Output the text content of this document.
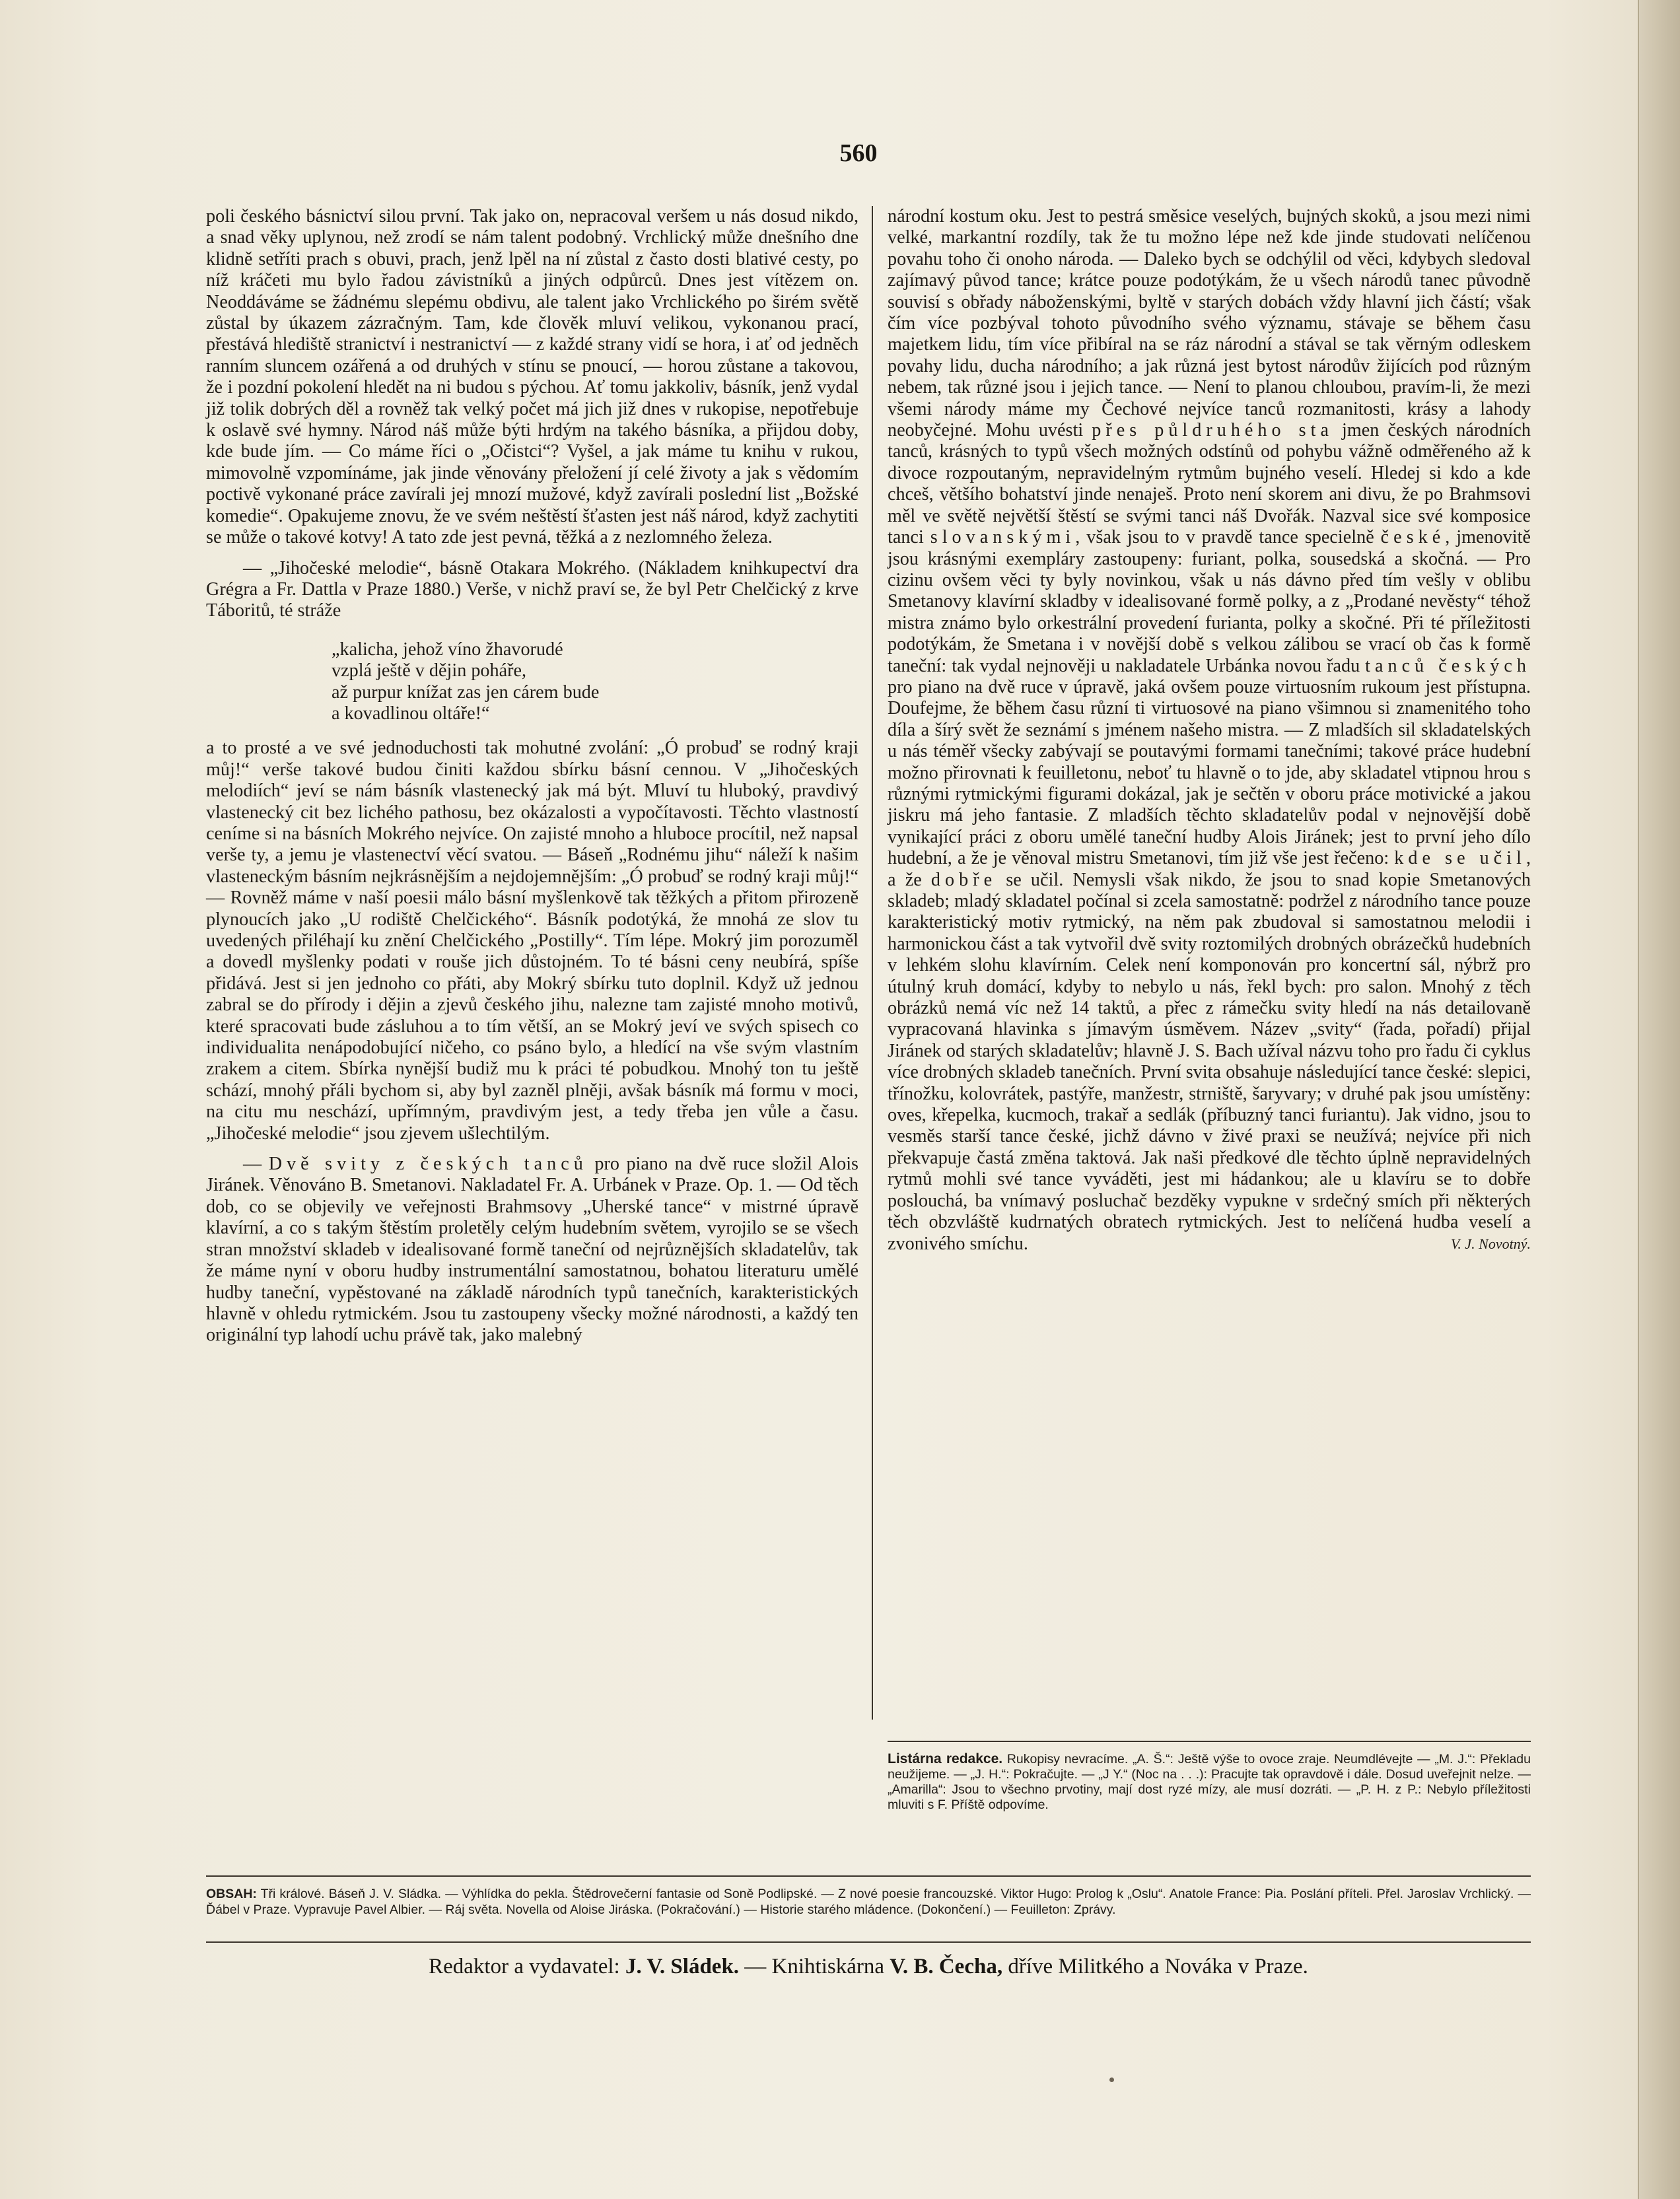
560

poli českého básnictví silou první. Tak jako on, nepracoval veršem u nás dosud nikdo, a snad věky uplynou, než zrodí se nám talent podobný. Vrchlický může dnešního dne klidně setříti prach s obuvi, prach, jenž lpěl na ní zůstal z často dosti blativé cesty, po níž kráčeti mu bylo řadou závistníků a jiných odpůrců. Dnes jest vítězem on. Neoddáváme se žádnému slepému obdivu, ale talent jako Vrchlického po širém světě zůstal by úkazem zázračným. Tam, kde člověk mluví velikou, vykonanou prací, přestává hlediště stranictví i nestranictví — z každé strany vidí se hora, i ať od jedněch ranním sluncem ozářená a od druhých v stínu se pnoucí, — horou zůstane a takovou, že i pozdní pokolení hledět na ni budou s pýchou. Ať tomu jakkoliv, básník, jenž vydal již tolik dobrých děl a rovněž tak velký počet má jich již dnes v rukopise, nepotřebuje k oslavě své hymny. Národ náš může býti hrdým na takého básníka, a přijdou doby, kde bude jím. — Co máme říci o „Očistci“? Vyšel, a jak máme tu knihu v rukou, mimovolně vzpomínáme, jak jinde věnovány přeložení jí celé životy a jak s vědomím poctivě vykonané práce zavírali jej mnozí mužové, když zavírali poslední list „Božské komedie“. Opakujeme znovu, že ve svém neštěstí šťasten jest náš národ, když zachytiti se může o takové kotvy! A tato zde jest pevná, těžká a z nezlomného železa.

— „Jihočeské melodie“, básně Otakara Mokrého. (Nákladem knihkupectví dra Grégra a Fr. Dattla v Praze 1880.) Verše, v nichž praví se, že byl Petr Chelčický z krve Táboritů, té stráže

„kalicha, jehož víno žhavorudé
vzplá ještě v dějin poháře,
až purpur knížat zas jen cárem bude
a kovadlinou oltáře!“

a to prosté a ve své jednoduchosti tak mohutné zvolání: „Ó probuď se rodný kraji můj!“ verše takové budou činiti každou sbírku básní cennou. V „Jihočeských melodiích“ jeví se nám básník vlastenecký jak má být. Mluví tu hluboký, pravdivý vlastenecký cit bez lichého pathosu, bez okázalosti a vypočítavosti. Těchto vlastností ceníme si na básních Mokrého nejvíce. On zajisté mnoho a hluboce procítil, než napsal verše ty, a jemu je vlastenectví věcí svatou. — Báseň „Rodnému jihu“ náleží k našim vlasteneckým básním nejkrásnějším a nejdojemnějším: „Ó probuď se rodný kraji můj!“ — Rovněž máme v naší poesii málo básní myšlenkově tak těžkých a přitom přirozeně plynoucích jako „U rodiště Chelčického“. Básník podotýká, že mnohá ze slov tu uvedených přiléhají ku znění Chelčického „Postilly“. Tím lépe. Mokrý jim porozuměl a dovedl myšlenky podati v rouše jich důstojném. To té básni ceny neubírá, spíše přidává. Jest si jen jednoho co přáti, aby Mokrý sbírku tuto doplnil. Když už jednou zabral se do přírody i dějin a zjevů českého jihu, nalezne tam zajisté mnoho motivů, které spracovati bude zásluhou a to tím větší, an se Mokrý jeví ve svých spisech co individualita nenápodobující ničeho, co psáno bylo, a hledící na vše svým vlastním zrakem a citem. Sbírka nynější budiž mu k práci té pobudkou. Mnohý ton tu ještě schází, mnohý přáli bychom si, aby byl zazněl plněji, avšak básník má formu v moci, na citu mu neschází, upřímným, pravdivým jest, a tedy třeba jen vůle a času. „Jihočeské melodie“ jsou zjevem ušlechtilým.

— Dvě svity z českých tanců pro piano na dvě ruce složil Alois Jiránek. Věnováno B. Smetanovi. Nakladatel Fr. A. Urbánek v Praze. Op. 1. — Od těch dob, co se objevily ve veřejnosti Brahmsovy „Uherské tance“ v mistrné úpravě klavírní, a co s takým štěstím proletěly celým hudebním světem, vyrojilo se se všech stran množství skladeb v idealisované formě taneční od nejrůznějších skladatelův, tak že máme nyní v oboru hudby instrumentální samostatnou, bohatou literaturu umělé hudby taneční, vypěstované na základě národních typů tanečních, karakteristických hlavně v ohledu rytmickém. Jsou tu zastoupeny všecky možné národnosti, a každý ten originální typ lahodí uchu právě tak, jako malebný

národní kostum oku. Jest to pestrá směsice veselých, bujných skoků, a jsou mezi nimi velké, markantní rozdíly, tak že tu možno lépe než kde jinde studovati nelíčenou povahu toho či onoho národa. — Daleko bych se odchýlil od věci, kdybych sledoval zajímavý původ tance; krátce pouze podotýkám, že u všech národů tanec původně souvisí s obřady náboženskými, byltě v starých dobách vždy hlavní jich částí; však čím více pozbýval tohoto původního svého významu, stávaje se během času majetkem lidu, tím více přibíral na se ráz národní a stával se tak věrným odleskem povahy lidu, ducha národního; a jak různá jest bytost národův žijících pod různým nebem, tak různé jsou i jejich tance. — Není to planou chloubou, pravím-li, že mezi všemi národy máme my Čechové nejvíce tanců rozmanitosti, krásy a lahody neobyčejné. Mohu uvésti přes půldruhého sta jmen českých národních tanců, krásných to typů všech možných odstínů od pohybu vážně odměřeného až k divoce rozpoutaným, nepravidelným rytmům bujného veselí. Hledej si kdo a kde chceš, většího bohatství jinde nenaješ. Proto není skorem ani divu, že po Brahmsovi měl ve světě největší štěstí se svými tanci náš Dvořák. Nazval sice své komposice tanci slovanskými, však jsou to v pravdě tance specielně české, jmenovitě jsou krásnými exempláry zastoupeny: furiant, polka, sousedská a skočná. — Pro cizinu ovšem věci ty byly novinkou, však u nás dávno před tím vešly v oblibu Smetanovy klavírní skladby v idealisované formě polky, a z „Prodané nevěsty“ téhož mistra známo bylo orkestrální provedení furianta, polky a skočné. Při té příležitosti podotýkám, že Smetana i v novější době s velkou zálibou se vrací ob čas k formě taneční: tak vydal nejnověji u nakladatele Urbánka novou řadu tanců českých pro piano na dvě ruce v úpravě, jaká ovšem pouze virtuosním rukoum jest přístupna. Doufejme, že během času různí ti virtuosové na piano všimnou si znamenitého toho díla a šírý svět že seznámí s jménem našeho mistra. — Z mladších sil skladatelských u nás téměř všecky zabývají se poutavými formami tanečními; takové práce hudební možno přirovnati k feuilletonu, neboť tu hlavně o to jde, aby skladatel vtipnou hrou s různými rytmickými figurami dokázal, jak je sečtěn v oboru práce motivické a jakou jiskru má jeho fantasie. Z mladších těchto skladatelův podal v nejnovější době vynikající práci z oboru umělé taneční hudby Alois Jiránek; jest to první jeho dílo hudební, a že je věnoval mistru Smetanovi, tím již vše jest řečeno: kde se učil, a že dobře se učil. Nemysli však nikdo, že jsou to snad kopie Smetanových skladeb; mladý skladatel počínal si zcela samostatně: podržel z národního tance pouze karakteristický motiv rytmický, na něm pak zbudoval si samostatnou melodii i harmonickou část a tak vytvořil dvě svity roztomilých drobných obrázečků hudebních v lehkém slohu klavírním. Celek není komponován pro koncertní sál, nýbrž pro útulný kruh domácí, kdyby to nebylo u nás, řekl bych: pro salon. Mnohý z těch obrázků nemá víc než 14 taktů, a přec z rámečku svity hledí na nás detailovaně vypracovaná hlavinka s jímavým úsměvem. Název „svity“ (řada, pořadí) přijal Jiránek od starých skladatelův; hlavně J. S. Bach užíval názvu toho pro řadu či cyklus více drobných skladeb tanečních. První svita obsahuje následující tance české: slepici, třínožku, kolovrátek, pastýře, manžestr, strniště, šaryvary; v druhé pak jsou umístěny: oves, křepelka, kucmoch, trakař a sedlák (příbuzný tanci furiantu). Jak vidno, jsou to vesměs starší tance české, jichž dávno v živé praxi se neužívá; nejvíce při nich překvapuje častá změna taktová. Jak naši předkové dle těchto úplně nepravidelných rytmů mohli své tance vyváděti, jest mi hádankou; ale u klavíru se to dobře poslouchá, ba vnímavý posluchač bezděky vypukne v srdečný smích při některých těch obzvláště kudrnatých obratech rytmických. Jest to nelíčená hudba veselí a zvonivého smíchu.	V. J. Novotný.

Listárna redakce. Rukopisy nevracíme. „A. Š.“: Ještě výše to ovoce zraje. Neumdlévejte — „M. J.“: Překladu neužijeme. — „J. H.“: Pokračujte. — „J Y.“ (Noc na . . .): Pracujte tak opravdově i dále. Dosud uveřejnit nelze. — „Amarilla“: Jsou to všechno prvotiny, mají dost ryzé mízy, ale musí dozráti. — „P. H. z P.: Nebylo příležitosti mluviti s F. Příště odpovíme.
OBSAH: Tři králové. Báseň J. V. Sládka. — Výhlídka do pekla. Štědrovečerní fantasie od Soně Podlipské. — Z nové poesie francouzské. Viktor Hugo: Prolog k „Oslu“. Anatole France: Pia. Poslání příteli. Přel. Jaroslav Vrchlický. — Ďábel v Praze. Vypravuje Pavel Albier. — Ráj světa. Novella od Aloise Jiráska. (Pokračování.) — Historie starého mládence. (Dokončení.) — Feuilleton: Zprávy.
Redaktor a vydavatel: J. V. Sládek. — Knihtiskárna V. B. Čecha, dříve Militkého a Nováka v Praze.
